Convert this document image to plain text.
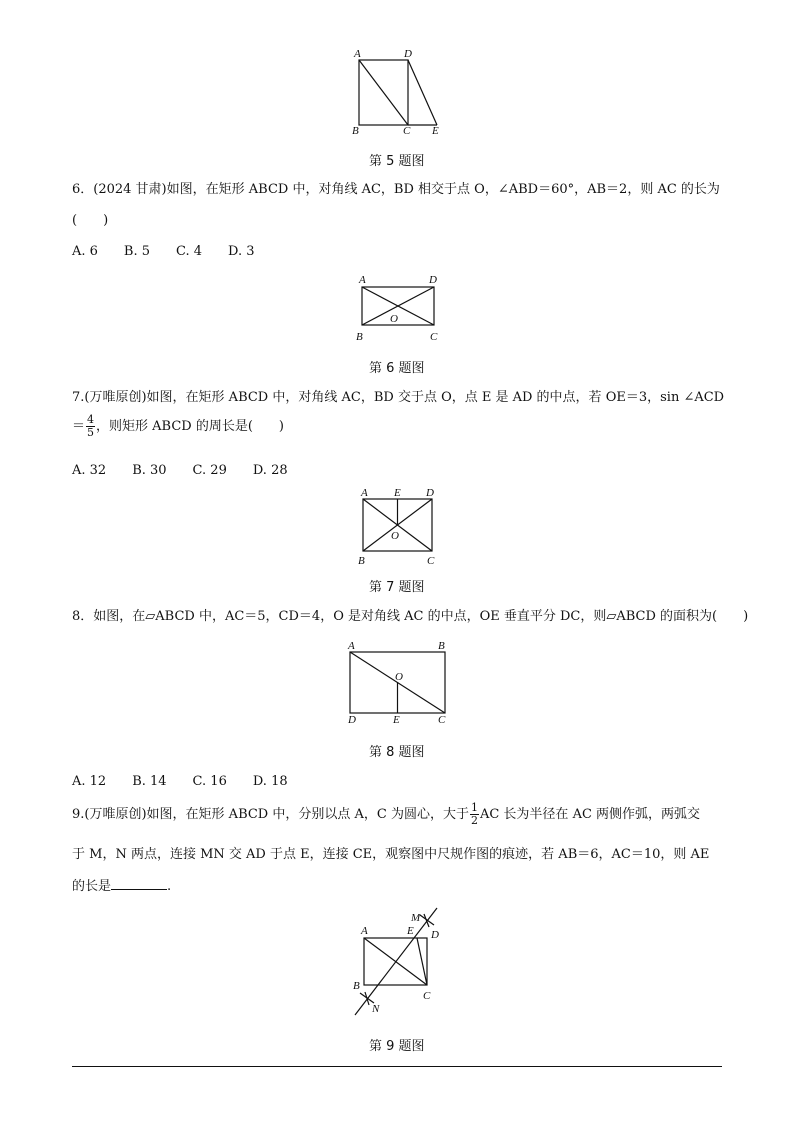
A	D
B	C E
第 5 题图
6．(2024 甘肃)如图，在矩形 ABCD 中，对角线 AC，BD 相交于点 O，∠ABD＝60°，AB＝2，则 AC 的长为
(　　)
A. 6　　B. 5　　C. 4　　D. 3
A	D
B	C
O
第 6 题图
7.(万唯原创)如图，在矩形 ABCD 中，对角线 AC，BD 交于点 O，点 E 是 AD 的中点，若 OE＝3，sin ∠ACD
＝ $\frac{4}{5}$ ，则矩形 ABCD 的周长是(　　)
A. 32　　B. 30　　C. 29　　D. 28
A E D
B	C
O
第 7 题图
8．如图，在▱ABCD 中，AC＝5，CD＝4，O 是对角线 AC 的中点，OE 垂直平分 DC，则▱ABCD 的面积为(　　)
A	B
O
D	E	C
第 8 题图
A. 12　　B. 14　　C. 16　　D. 18
9.(万唯原创)如图，在矩形 ABCD 中，分别以点 A，C 为圆心，大于 $\frac{1}{2}$ AC 长为半径在 AC 两侧作弧，两弧交
于 M，N 两点，连接 MN 交 AD 于点 E，连接 CE，观察图中尺规作图的痕迹，若 AB＝6，AC＝10，则 AE
的长是	.
M
A	E D
B
C
N
第 9 题图
